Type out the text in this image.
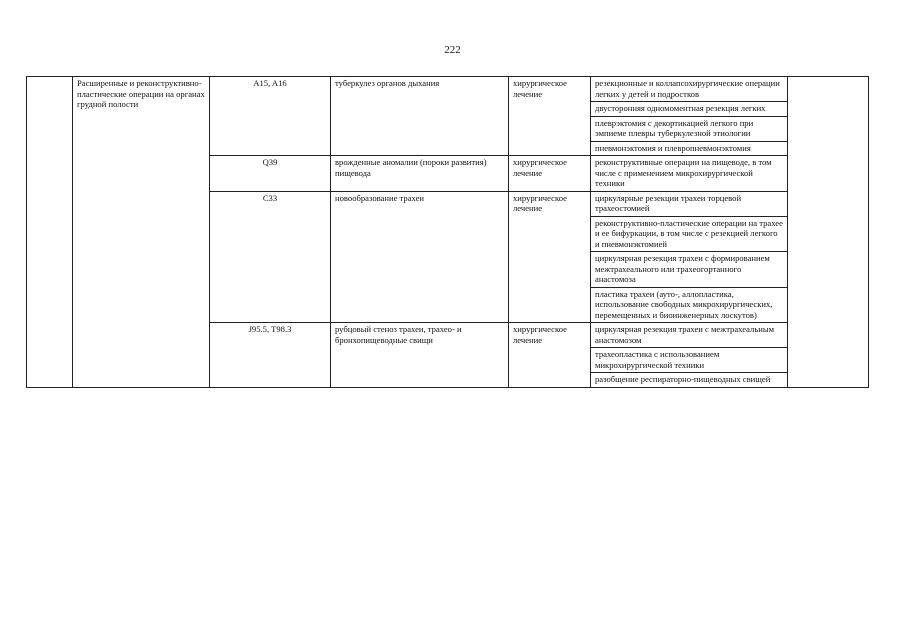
222
	Расширенные и реконструктивно-пластические операции на органах грудной полости	A15, A16	туберкулез органов дыхания	хирургическое лечение	резекционные и коллапсохирургические операции легких у детей и подростков	
					двусторонняя одномоментная резекция легких	
					плеврэктомия с декортикацией легкого при эмпиеме плевры туберкулезной этиологии	
					пневмонэктомия и плевропневмонэктомия	
		Q39	врожденные аномалии (пороки развития) пищевода	хирургическое лечение	реконструктивные операции на пищеводе, в том числе с применением микрохирургической техники	
		C33	новообразование трахеи	хирургическое лечение	циркулярные резекции трахеи торцевой трахеостомией	
					реконструктивно-пластические операции на трахее и ее бифуркации, в том числе с резекцией легкого и пневмонэктомией	
					циркулярная резекция трахеи с формированием межтрахеального или трахеогортанного анастомоза	
					пластика трахеи (ауто-, аллопластика, использование свободных микрохирургических, перемещенных и биоинженерных лоскутов)	
		J95.5, T98.3	рубцовый стеноз трахеи, трахео- и бронхопищеводные свищи	хирургическое лечение	циркулярная резекция трахеи с межтрахеальным анастомозом	
					трахеопластика с использованием микрохирургической техники	
					разобщение респираторно-пищеводных свищей	
